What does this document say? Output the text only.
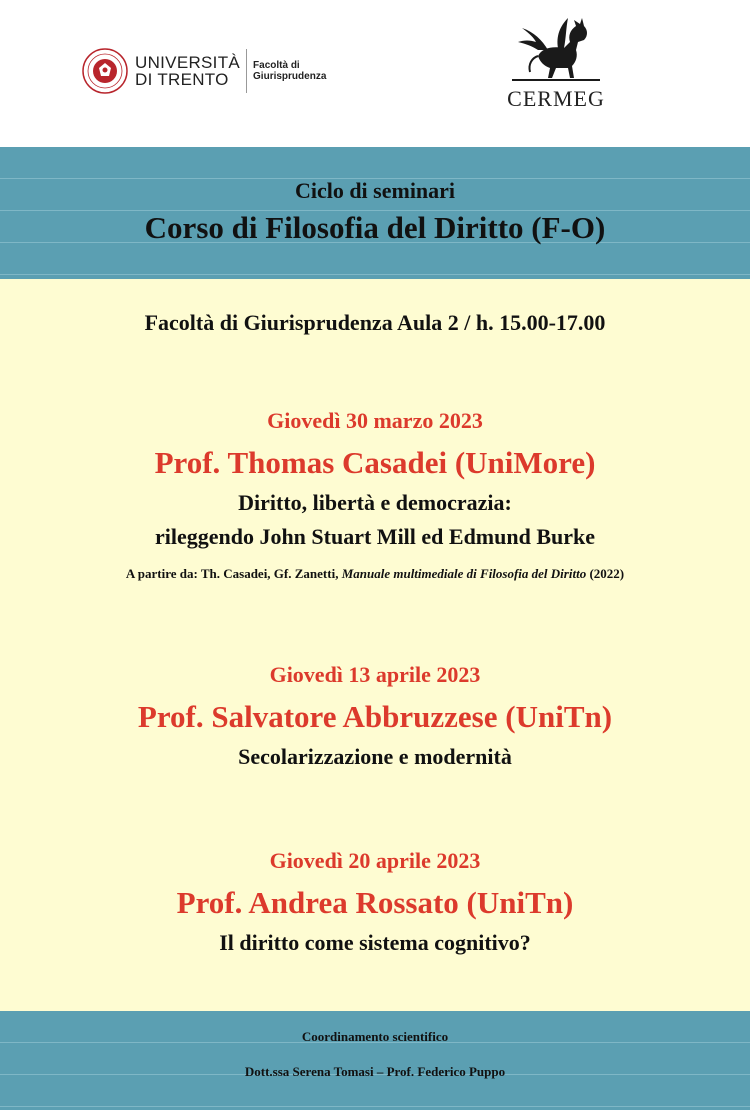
UNIVERSITÀ
DI TRENTO
Facoltà di
Giurisprudenza
CERMEG
Ciclo di seminari
Corso di Filosofia del Diritto (F-O)
Facoltà di Giurisprudenza Aula 2 / h. 15.00-17.00
Giovedì 30 marzo 2023
Prof. Thomas Casadei (UniMore)
Diritto, libertà e democrazia:
rileggendo John Stuart Mill ed Edmund Burke
A partire da: Th. Casadei, Gf. Zanetti, Manuale multimediale di Filosofia del Diritto (2022)
Giovedì 13 aprile 2023
Prof. Salvatore Abbruzzese (UniTn)
Secolarizzazione e modernità
Giovedì 20 aprile 2023
Prof. Andrea Rossato (UniTn)
Il diritto come sistema cognitivo?
Coordinamento scientifico
Dott.ssa Serena Tomasi – Prof. Federico Puppo
